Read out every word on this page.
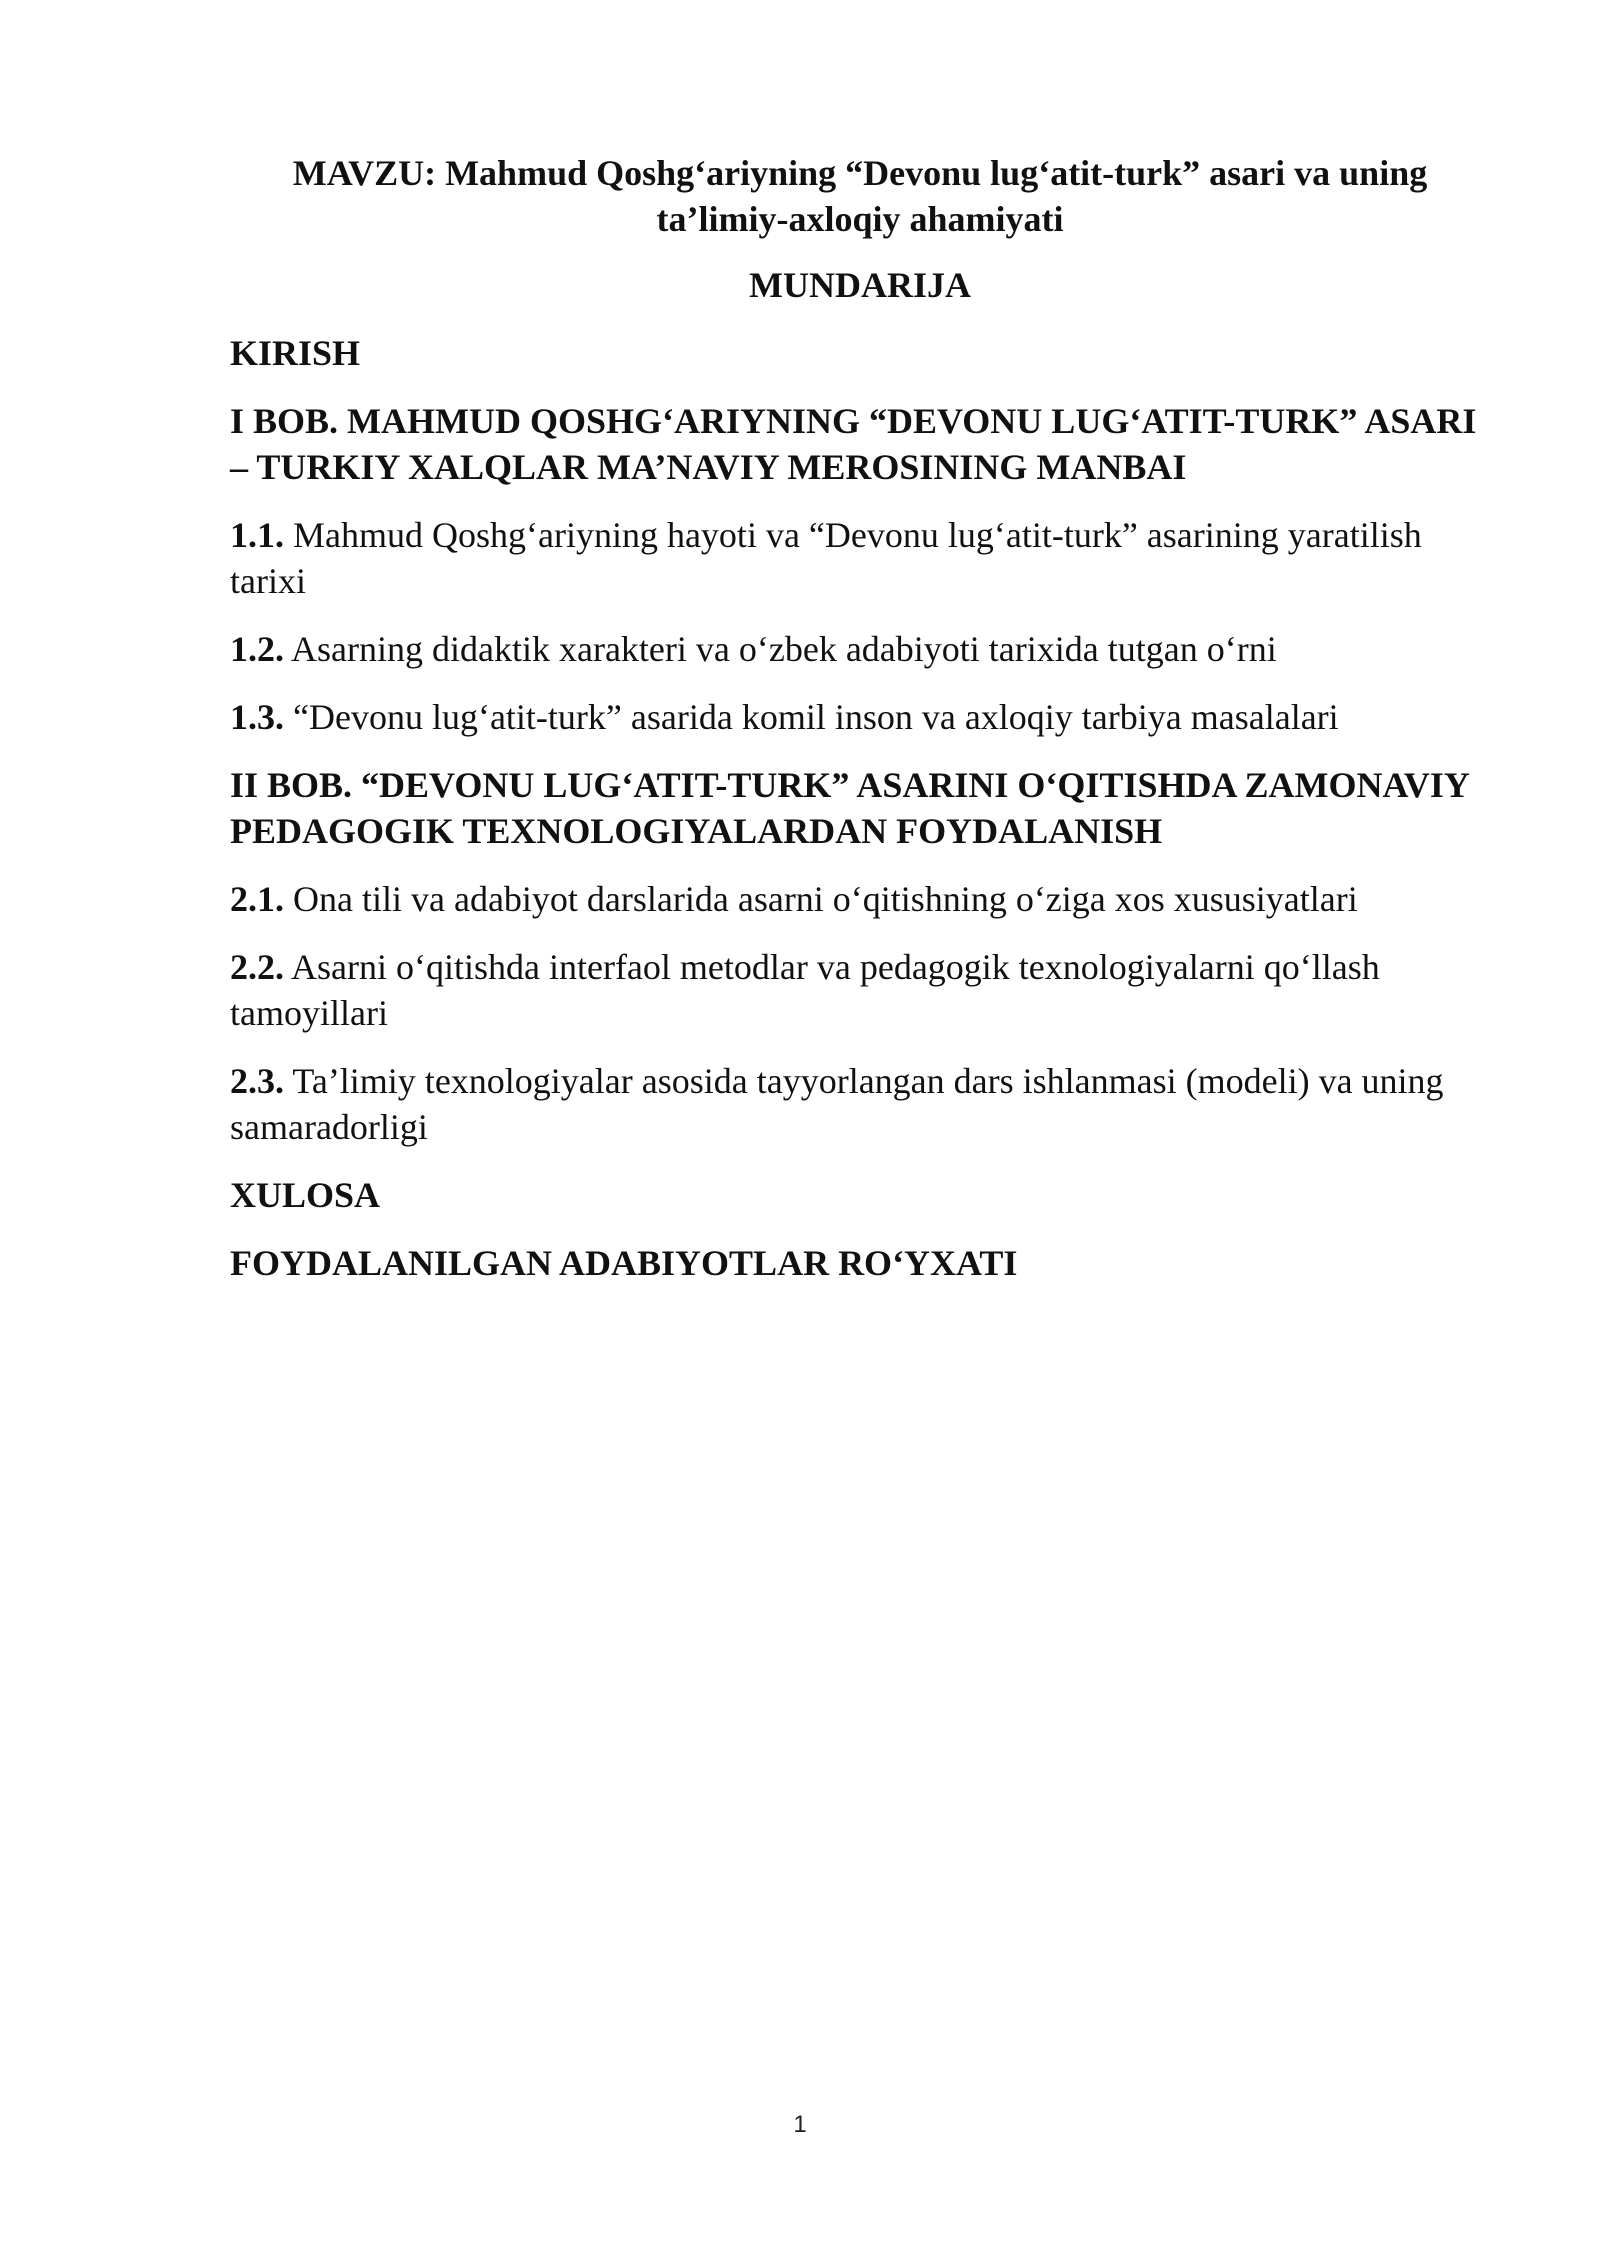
MAVZU: Mahmud Qoshg‘ariyning “Devonu lug‘atit-turk” asari va uning
ta’limiy-axloqiy ahamiyati
MUNDARIJA
KIRISH
I BOB. MAHMUD QOSHG‘ARIYNING “DEVONU LUG‘ATIT-TURK” ASARI – TURKIY XALQLAR MA’NAVIY MEROSINING MANBAI
1.1. Mahmud Qoshg‘ariyning hayoti va “Devonu lug‘atit-turk” asarining yaratilish tarixi
1.2. Asarning didaktik xarakteri va o‘zbek adabiyoti tarixida tutgan o‘rni
1.3. “Devonu lug‘atit-turk” asarida komil inson va axloqiy tarbiya masalalari
II BOB. “DEVONU LUG‘ATIT-TURK” ASARINI O‘QITISHDA ZAMONAVIY PEDAGOGIK TEXNOLOGIYALARDAN FOYDALANISH
2.1. Ona tili va adabiyot darslarida asarni o‘qitishning o‘ziga xos xususiyatlari
2.2. Asarni o‘qitishda interfaol metodlar va pedagogik texnologiyalarni qo‘llash tamoyillari
2.3. Ta’limiy texnologiyalar asosida tayyorlangan dars ishlanmasi (modeli) va uning samaradorligi
XULOSA
FOYDALANILGAN ADABIYOTLAR RO‘YXATI
1
